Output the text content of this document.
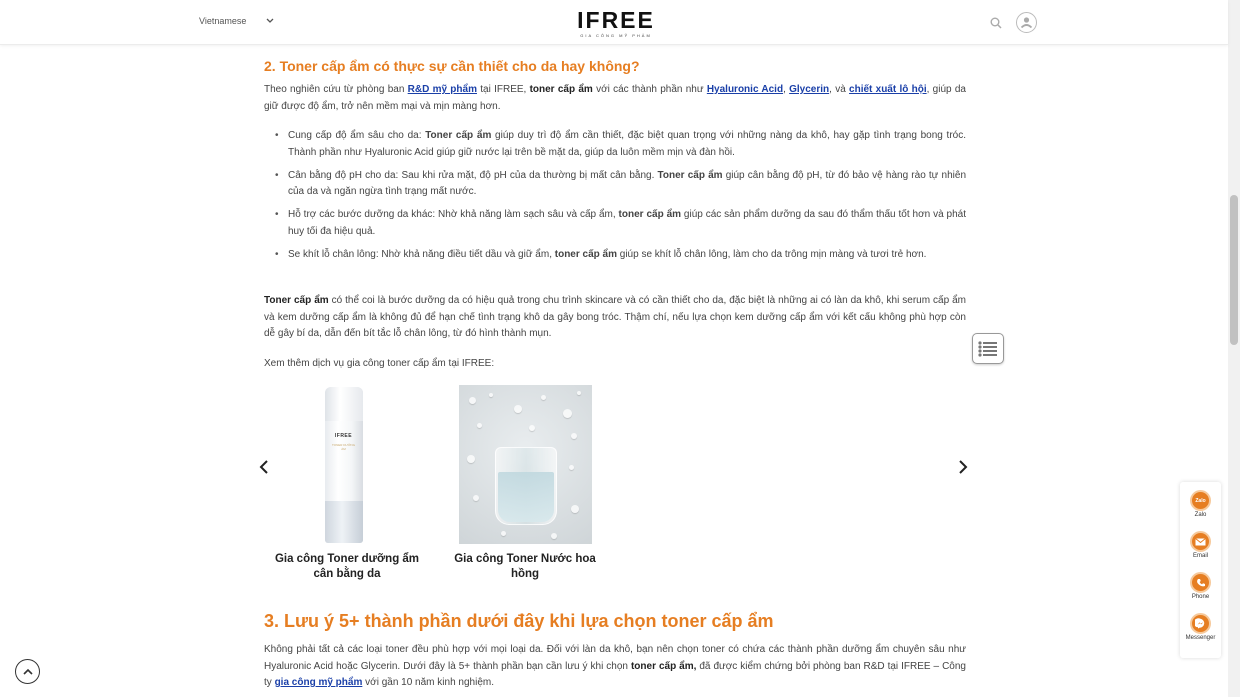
Vietnamese	IFREE
GIA CÔNG MỸ PHẨM
2. Toner cấp ẩm có thực sự cần thiết cho da hay không?

Theo nghiên cứu từ phòng ban R&D mỹ phẩm tại IFREE, toner cấp ẩm với các thành phần như Hyaluronic Acid, Glycerin, và chiết xuất lô hội, giúp da giữ được độ ẩm, trở nên mềm mại và mịn màng hơn.

• Cung cấp độ ẩm sâu cho da: Toner cấp ẩm giúp duy trì độ ẩm cần thiết, đặc biệt quan trọng với những nàng da khô, hay gặp tình trạng bong tróc. Thành phần như Hyaluronic Acid giúp giữ nước lại trên bề mặt da, giúp da luôn mềm mịn và đàn hồi.
• Cân bằng độ pH cho da: Sau khi rửa mặt, độ pH của da thường bị mất cân bằng. Toner cấp ẩm giúp cân bằng độ pH, từ đó bảo vệ hàng rào tự nhiên của da và ngăn ngừa tình trạng mất nước.
• Hỗ trợ các bước dưỡng da khác: Nhờ khả năng làm sạch sâu và cấp ẩm, toner cấp ẩm giúp các sản phẩm dưỡng da sau đó thẩm thấu tốt hơn và phát huy tối đa hiệu quả.
• Se khít lỗ chân lông: Nhờ khả năng điều tiết dầu và giữ ẩm, toner cấp ẩm giúp se khít lỗ chân lông, làm cho da trông mịn màng và tươi trẻ hơn.

Toner cấp ẩm có thể coi là bước dưỡng da có hiệu quả trong chu trình skincare và có cần thiết cho da, đặc biệt là những ai có làn da khô, khi serum cấp ẩm và kem dưỡng cấp ẩm là không đủ để hạn chế tình trạng khô da gây bong tróc. Thậm chí, nếu lựa chọn kem dưỡng cấp ẩm với kết cấu không phù hợp còn dễ gây bí da, dẫn đến bít tắc lỗ chân lông, từ đó hình thành mụn.

Xem thêm dịch vụ gia công toner cấp ẩm tại IFREE:

IFREE
TONER DƯỠNG ẨM
Gia công Toner dưỡng ẩm cân bằng da
Gia công Toner Nước hoa hồng
3. Lưu ý 5+ thành phần dưới đây khi lựa chọn toner cấp ẩm

Không phải tất cả các loại toner đều phù hợp với mọi loại da. Đối với làn da khô, bạn nên chọn toner có chứa các thành phần dưỡng ẩm chuyên sâu như Hyaluronic Acid hoặc Glycerin. Dưới đây là 5+ thành phần bạn cần lưu ý khi chọn toner cấp ẩm, đã được kiểm chứng bởi phòng ban R&D tại IFREE – Công ty gia công mỹ phẩm với gần 10 năm kinh nghiệm.

Zalo
Zalo
Email
Phone
Messenger
